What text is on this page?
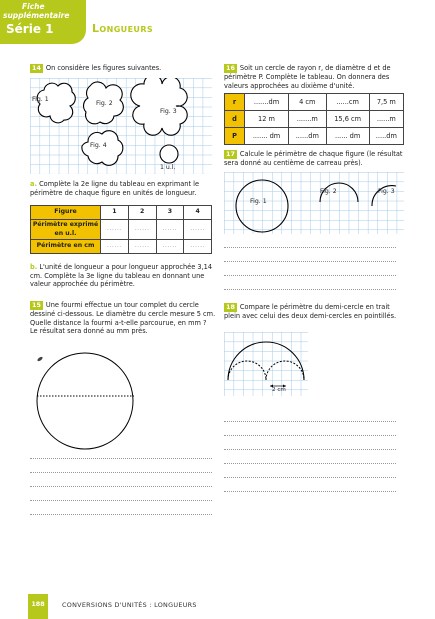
Fiche
supplémentaire
Série 1	Longueurs
14 On considère les figures suivantes.
Fig. 1
Fig. 2
Fig. 3
Fig. 4
1 u.l.
a. Complète la 2e ligne du tableau en exprimant le périmètre de chaque figure en unités de longueur.
Figure	1	2	3	4
Périmètre exprimé en u.l.	......	......	......	......
Périmètre en cm	......	......	......	......
b. L'unité de longueur a pour longueur approchée 3,14 cm. Complète la 3e ligne du tableau en donnant une valeur approchée du périmètre.
15 Une fourmi effectue un tour complet du cercle dessiné ci-dessous. Le diamètre du cercle mesure 5 cm. Quelle distance la fourmi a-t-elle parcourue, en mm ? Le résultat sera donné au mm près.
16 Soit un cercle de rayon r, de diamètre d et de périmètre P. Complète le tableau. On donnera des valeurs approchées au dixième d'unité.
r	.......dm	4 cm	......cm	7,5 m
d	12 m	.......m	15,6 cm	......m
P	....... dm	......dm	...... dm	.....dm
17 Calcule le périmètre de chaque figure (le résultat sera donné au centième de carreau près).
Fig. 1
Fig. 2	Fig. 3
18 Compare le périmètre du demi-cercle en trait plein avec celui des deux demi-cercles en pointillés.
2 cm
188	CONVERSIONS D'UNITÉS : LONGUEURS
